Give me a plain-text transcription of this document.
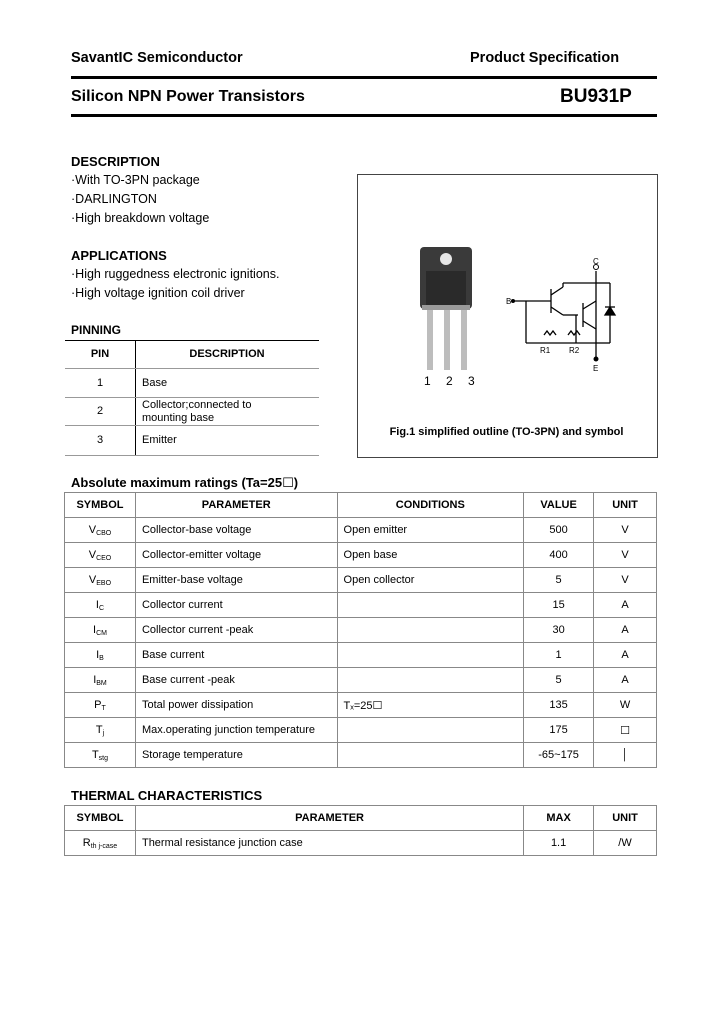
SavantIC Semiconductor	Product Specification
Silicon NPN Power Transistors	BU931P
DESCRIPTION
·With TO-3PN package
·DARLINGTON
·High breakdown voltage
APPLICATIONS
·High ruggedness electronic ignitions.
·High voltage ignition coil driver
PINNING
PIN	DESCRIPTION
1	Base
2	Collector;connected to mounting base
3	Emitter
1 2 3
C
B
E
R1 R2
Fig.1 simplified outline (TO-3PN) and symbol
Absolute maximum ratings (Ta=25☐)
SYMBOL	PARAMETER	CONDITIONS	VALUE	UNIT
$V_{CBO}$	Collector-base voltage	Open emitter	500	V
$V_{CEO}$	Collector-emitter voltage	Open base	400	V
$V_{EBO}$	Emitter-base voltage	Open collector	5	V
$I_C$	Collector current		15	A
$I_{CM}$	Collector current -peak		30	A
$I_B$	Base current		1	A
$I_{BM}$	Base current -peak		5	A
$P_T$	Total power dissipation	Tₓ=25☐	135	W
$T_j$	Max.operating junction temperature		175	☐
$T_{stg}$	Storage temperature		-65~175	│
THERMAL CHARACTERISTICS
SYMBOL	PARAMETER	MAX	UNIT
$R_{th j-case}$	Thermal resistance junction case	1.1	/W
